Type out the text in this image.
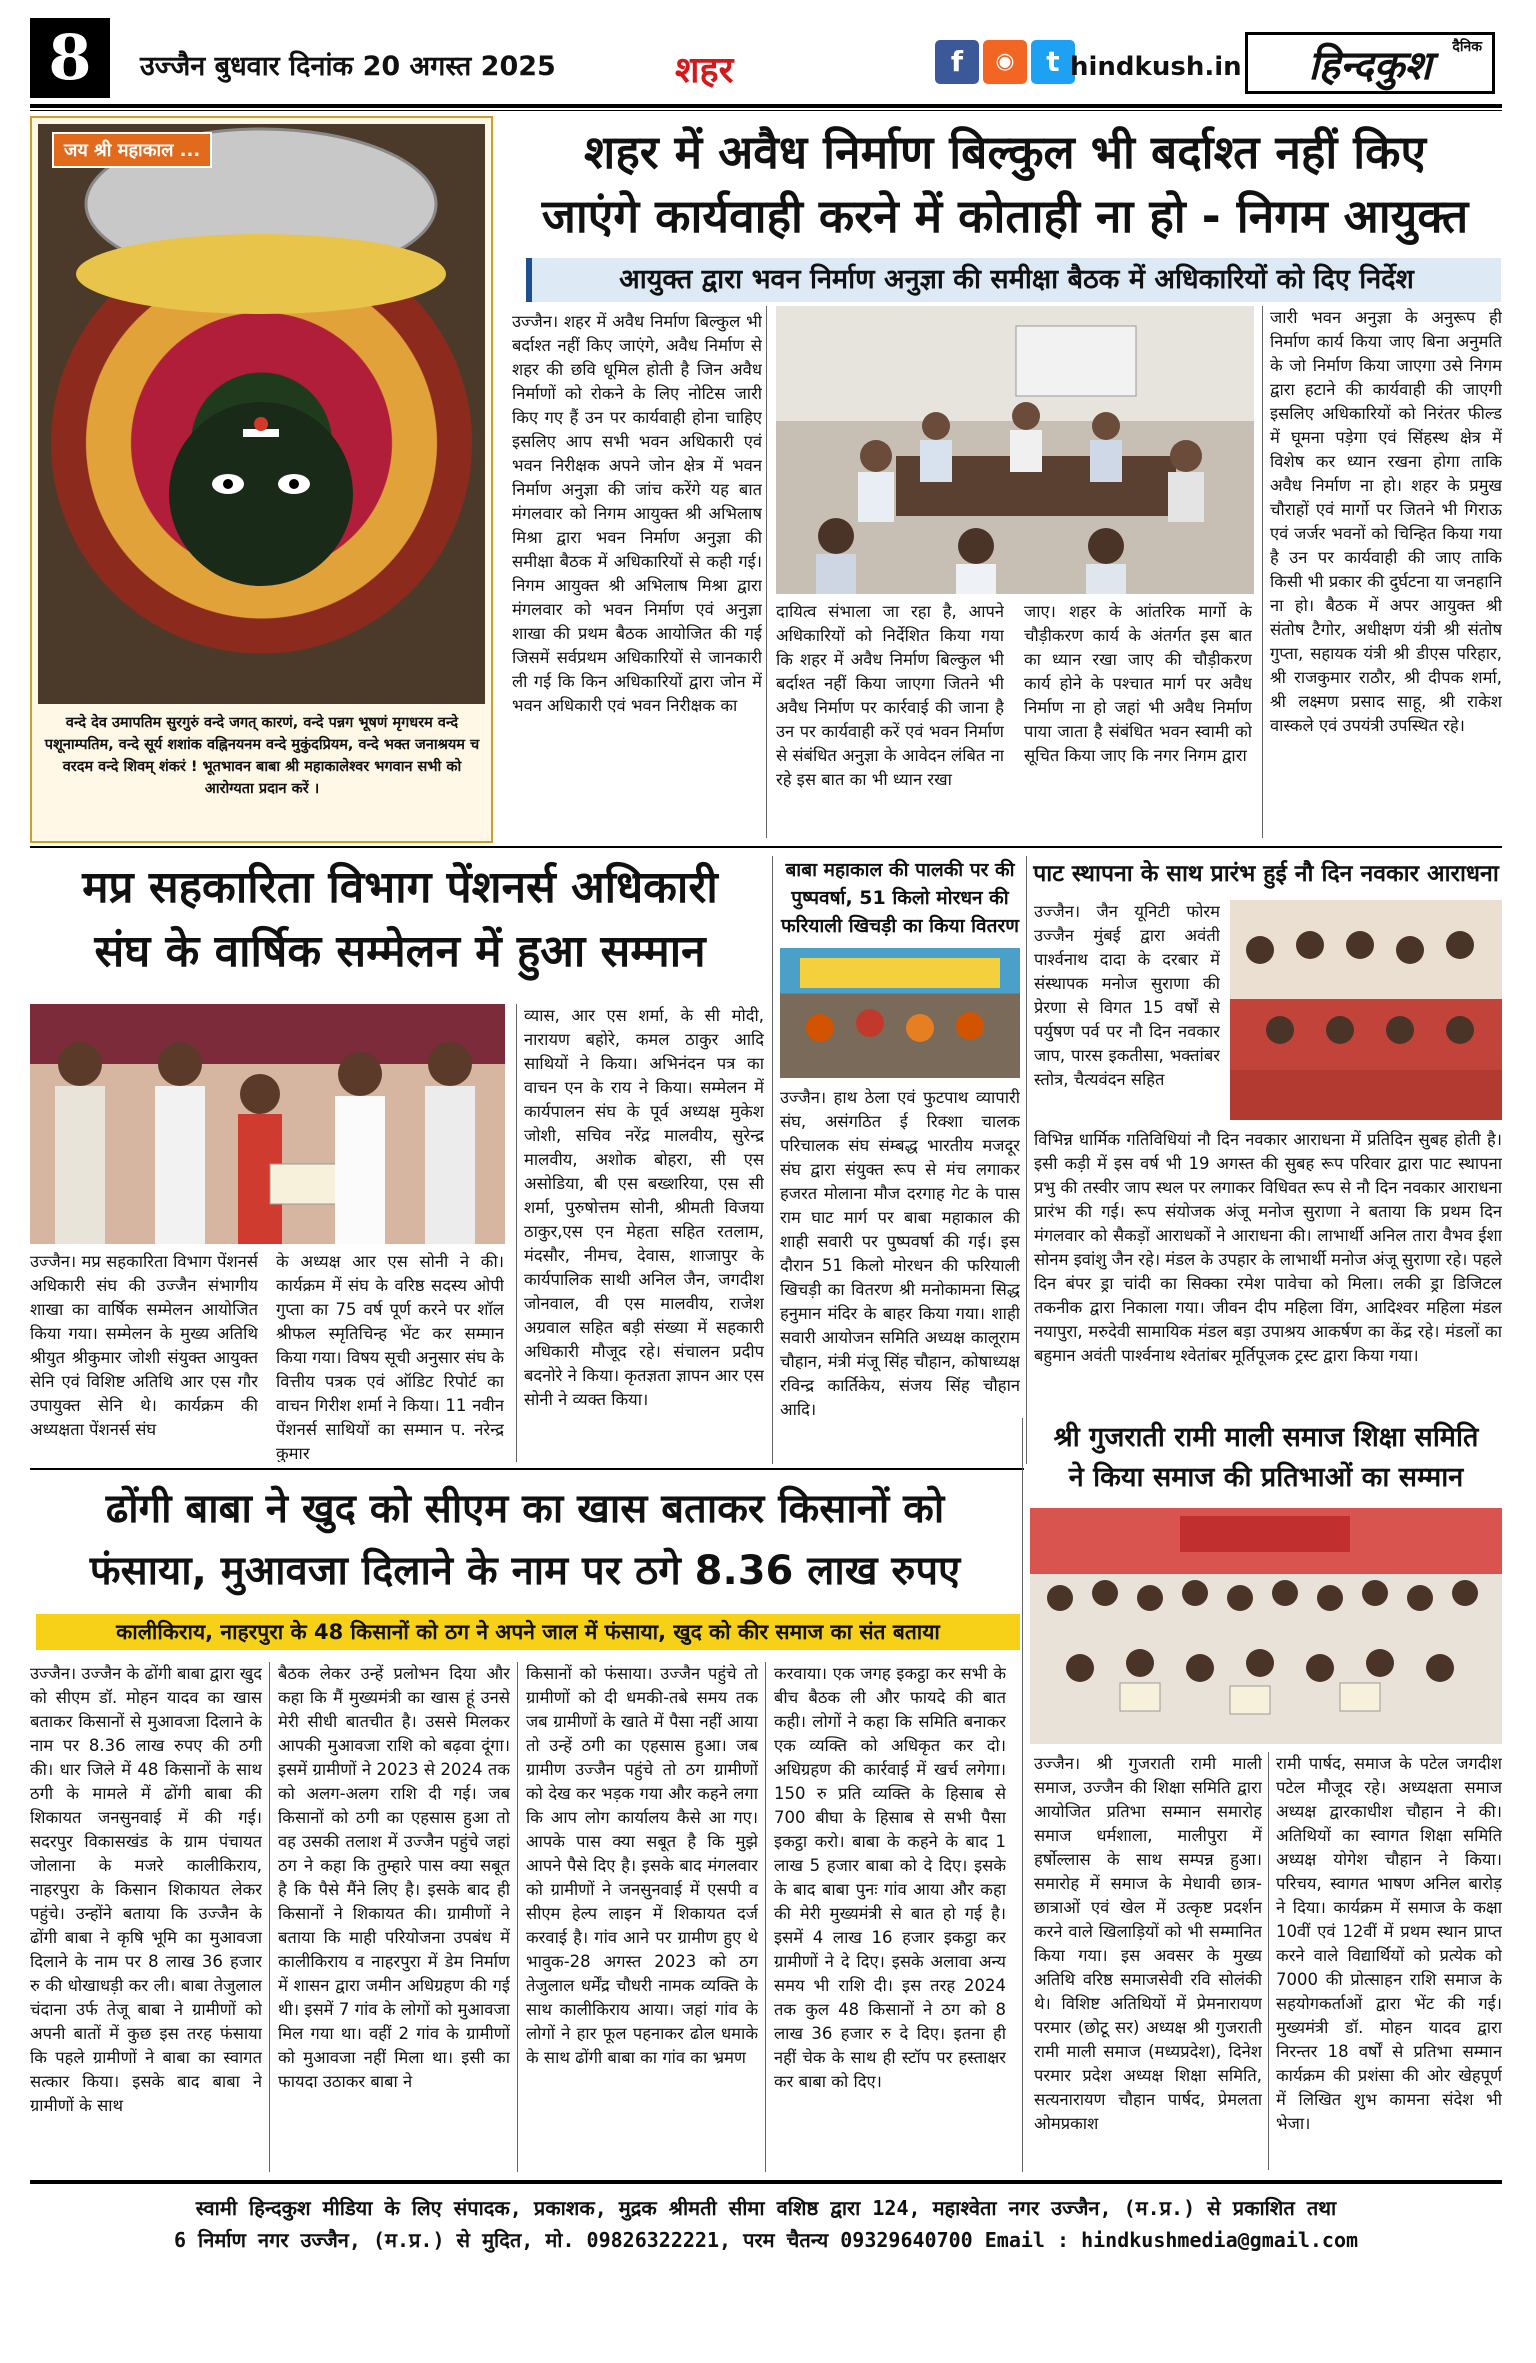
8	उज्जैन बुधवार दिनांक 20 अगस्त 2025	शहर	f	◉	t hindkush.in
दैनिक
हिन्दकुश
जय श्री महाकाल ...
वन्दे देव उमापतिम सुरगुरुं वन्दे जगत् कारणं, वन्दे पन्नग भूषणं मृगधरम वन्दे पशूनाम्पतिम, वन्दे सूर्य शशांक वह्निनयनम वन्दे मुकुंदप्रियम, वन्दे भक्त जनाश्रयम च वरदम वन्दे शिवम् शंकरं ! भूतभावन बाबा श्री महाकालेश्वर भगवान सभी को आरोग्यता प्रदान करें ।
शहर में अवैध निर्माण बिल्कुल भी बर्दाश्त नहीं किए
जाएंगे कार्यवाही करने में कोताही ना हो - निगम आयुक्त
आयुक्त द्वारा भवन निर्माण अनुज्ञा की समीक्षा बैठक में अधिकारियों को दिए निर्देश
उज्जैन। शहर में अवैध निर्माण बिल्कुल भी बर्दाश्त नहीं किए जाएंगे, अवैध निर्माण से शहर की छवि धूमिल होती है जिन अवैध निर्माणों को रोकने के लिए नोटिस जारी किए गए हैं उन पर कार्यवाही होना चाहिए इसलिए आप सभी भवन अधिकारी एवं भवन निरीक्षक अपने जोन क्षेत्र में भवन निर्माण अनुज्ञा की जांच करेंगे यह बात मंगलवार को निगम आयुक्त श्री अभिलाष मिश्रा द्वारा भवन निर्माण अनुज्ञा की समीक्षा बैठक में अधिकारियों से कही गई। निगम आयुक्त श्री अभिलाष मिश्रा द्वारा मंगलवार को भवन निर्माण एवं अनुज्ञा शाखा की प्रथम बैठक आयोजित की गई जिसमें सर्वप्रथम अधिकारियों से जानकारी ली गई कि किन अधिकारियों द्वारा जोन में भवन अधिकारी एवं भवन निरीक्षक का
दायित्व संभाला जा रहा है, आपने अधिकारियों को निर्देशित किया गया कि शहर में अवैध निर्माण बिल्कुल भी बर्दाश्त नहीं किया जाएगा जितने भी अवैध निर्माण पर कार्रवाई की जाना है उन पर कार्यवाही करें एवं भवन निर्माण से संबंधित अनुज्ञा के आवेदन लंबित ना रहे इस बात का भी ध्यान रखा
जाए। शहर के आंतरिक मार्गो के चौड़ीकरण कार्य के अंतर्गत इस बात का ध्यान रखा जाए की चौड़ीकरण कार्य होने के पश्चात मार्ग पर अवैध निर्माण ना हो जहां भी अवैध निर्माण पाया जाता है संबंधित भवन स्वामी को सूचित किया जाए कि नगर निगम द्वारा
जारी भवन अनुज्ञा के अनुरूप ही निर्माण कार्य किया जाए बिना अनुमति के जो निर्माण किया जाएगा उसे निगम द्वारा हटाने की कार्यवाही की जाएगी इसलिए अधिकारियों को निरंतर फील्ड में घूमना पड़ेगा एवं सिंहस्थ क्षेत्र में विशेष कर ध्यान रखना होगा ताकि अवैध निर्माण ना हो। शहर के प्रमुख चौराहों एवं मार्गो पर जितने भी गिराऊ एवं जर्जर भवनों को चिन्हित किया गया है उन पर कार्यवाही की जाए ताकि किसी भी प्रकार की दुर्घटना या जनहानि ना हो। बैठक में अपर आयुक्त श्री संतोष टैगोर, अधीक्षण यंत्री श्री संतोष गुप्ता, सहायक यंत्री श्री डीएस परिहार, श्री राजकुमार राठौर, श्री दीपक शर्मा, श्री लक्ष्मण प्रसाद साहू, श्री राकेश वास्कले एवं उपयंत्री उपस्थित रहे।
मप्र सहकारिता विभाग पेंशनर्स अधिकारी
संघ के वार्षिक सम्मेलन में हुआ सम्मान
उज्जैन। मप्र सहकारिता विभाग पेंशनर्स अधिकारी संघ की उज्जैन संभागीय शाखा का वार्षिक सम्मेलन आयोजित किया गया। सम्मेलन के मुख्य अतिथि श्रीयुत श्रीकुमार जोशी संयुक्त आयुक्त सेनि एवं विशिष्ट अतिथि आर एस गौर उपायुक्त सेनि थे। कार्यक्रम की अध्यक्षता पेंशनर्स संघ
के अध्यक्ष आर एस सोनी ने की। कार्यक्रम में संघ के वरिष्ठ सदस्य ओपी गुप्ता का 75 वर्ष पूर्ण करने पर शॉल श्रीफल स्मृतिचिन्ह भेंट कर सम्मान किया गया। विषय सूची अनुसार संघ के वित्तीय पत्रक एवं ऑडिट रिपोर्ट का वाचन गिरीश शर्मा ने किया। 11 नवीन पेंशनर्स साथियों का सम्मान प. नरेन्द्र कुमार
व्यास, आर एस शर्मा, के सी मोदी, नारायण बहोरे, कमल ठाकुर आदि साथियों ने किया। अभिनंदन पत्र का वाचन एन के राय ने किया। सम्मेलन में कार्यपालन संघ के पूर्व अध्यक्ष मुकेश जोशी, सचिव नरेंद्र मालवीय, सुरेन्द्र मालवीय, अशोक बोहरा, सी एस असोडिया, बी एस बख्शरिया, एस सी शर्मा, पुरुषोत्तम सोनी, श्रीमती विजया ठाकुर,एस एन मेहता सहित रतलाम, मंदसौर, नीमच, देवास, शाजापुर के कार्यपालिक साथी अनिल जैन, जगदीश जोनवाल, वी एस मालवीय, राजेश अग्रवाल सहित बड़ी संख्या में सहकारी अधिकारी मौजूद रहे। संचालन प्रदीप बदनोरे ने किया। कृतज्ञता ज्ञापन आर एस सोनी ने व्यक्त किया।
बाबा महाकाल की पालकी पर की पुष्पवर्षा, 51 किलो मोरधन की फरियाली खिचड़ी का किया वितरण
उज्जैन। हाथ ठेला एवं फुटपाथ व्यापारी संघ, असंगठित ई रिक्शा चालक परिचालक संघ संम्बद्ध भारतीय मजदूर संघ द्वारा संयुक्त रूप से मंच लगाकर हजरत मोलाना मौज दरगाह गेट के पास राम घाट मार्ग पर बाबा महाकाल की शाही सवारी पर पुष्पवर्षा की गई। इस दौरान 51 किलो मोरधन की फरियाली खिचड़ी का वितरण श्री मनोकामना सिद्ध हनुमान मंदिर के बाहर किया गया। शाही सवारी आयोजन समिति अध्यक्ष कालूराम चौहान, मंत्री मंजू सिंह चौहान, कोषाध्यक्ष रविन्द्र कार्तिकेय, संजय सिंह चौहान आदि।
पाट स्थापना के साथ प्रारंभ हुई नौ दिन नवकार आराधना
उज्जैन। जैन यूनिटी फोरम उज्जैन मुंबई द्वारा अवंती पार्श्वनाथ दादा के दरबार में संस्थापक मनोज सुराणा की प्रेरणा से विगत 15 वर्षों से पर्युषण पर्व पर नौ दिन नवकार जाप, पारस इकतीसा, भक्तांबर स्तोत्र, चैत्यवंदन सहित
विभिन्न धार्मिक गतिविधियां नौ दिन नवकार आराधना में प्रतिदिन सुबह होती है। इसी कड़ी में इस वर्ष भी 19 अगस्त की सुबह रूप परिवार द्वारा पाट स्थापना प्रभु की तस्वीर जाप स्थल पर लगाकर विधिवत रूप से नौ दिन नवकार आराधना प्रारंभ की गई। रूप संयोजक अंजू मनोज सुराणा ने बताया कि प्रथम दिन मंगलवार को सैकड़ों आराधकों ने आराधना की। लाभार्थी अनिल तारा वैभव ईशा सोनम इवांशु जैन रहे। मंडल के उपहार के लाभार्थी मनोज अंजू सुराणा रहे। पहले दिन बंपर ड्रा चांदी का सिक्का रमेश पावेचा को मिला। लकी ड्रा डिजिटल तकनीक द्वारा निकाला गया। जीवन दीप महिला विंग, आदिश्वर महिला मंडल नयापुरा, मरुदेवी सामायिक मंडल बड़ा उपाश्रय आकर्षण का केंद्र रहे। मंडलों का बहुमान अवंती पार्श्वनाथ श्वेतांबर मूर्तिपूजक ट्रस्ट द्वारा किया गया।
श्री गुजराती रामी माली समाज शिक्षा समिति
ने किया समाज की प्रतिभाओं का सम्मान
उज्जैन। श्री गुजराती रामी माली समाज, उज्जैन की शिक्षा समिति द्वारा आयोजित प्रतिभा सम्मान समारोह समाज धर्मशाला, मालीपुरा में हर्षोल्लास के साथ सम्पन्न हुआ। समारोह में समाज के मेधावी छात्र-छात्राओं एवं खेल में उत्कृष्ट प्रदर्शन करने वाले खिलाड़ियों को भी सम्मानित किया गया। इस अवसर के मुख्य अतिथि वरिष्ठ समाजसेवी रवि सोलंकी थे। विशिष्ट अतिथियों में प्रेमनारायण परमार (छोटू सर) अध्यक्ष श्री गुजराती रामी माली समाज (मध्यप्रदेश), दिनेश परमार प्रदेश अध्यक्ष शिक्षा समिति, सत्यनारायण चौहान पार्षद, प्रेमलता ओमप्रकाश
रामी पार्षद, समाज के पटेल जगदीश पटेल मौजूद रहे। अध्यक्षता समाज अध्यक्ष द्वारकाधीश चौहान ने की। अतिथियों का स्वागत शिक्षा समिति अध्यक्ष योगेश चौहान ने किया। परिचय, स्वागत भाषण अनिल बारोड़ ने दिया। कार्यक्रम में समाज के कक्षा 10वीं एवं 12वीं में प्रथम स्थान प्राप्त करने वाले विद्यार्थियों को प्रत्येक को 7000 की प्रोत्साहन राशि समाज के सहयोगकर्ताओं द्वारा भेंट की गई। मुख्यमंत्री डॉ. मोहन यादव द्वारा निरन्तर 18 वर्षों से प्रतिभा सम्मान कार्यक्रम की प्रशंसा की ओर खेहपूर्ण में लिखित शुभ कामना संदेश भी भेजा।
ढोंगी बाबा ने खुद को सीएम का खास बताकर किसानों को
फंसाया, मुआवजा दिलाने के नाम पर ठगे 8.36 लाख रुपए
कालीकिराय, नाहरपुरा के 48 किसानों को ठग ने अपने जाल में फंसाया, खुद को कीर समाज का संत बताया
उज्जैन। उज्जैन के ढोंगी बाबा द्वारा खुद को सीएम डॉ. मोहन यादव का खास बताकर किसानों से मुआवजा दिलाने के नाम पर 8.36 लाख रुपए की ठगी की। धार जिले में 48 किसानों के साथ ठगी के मामले में ढोंगी बाबा की शिकायत जनसुनवाई में की गई। सदरपुर विकासखंड के ग्राम पंचायत जोलाना के मजरे कालीकिराय, नाहरपुरा के किसान शिकायत लेकर पहुंचे। उन्होंने बताया कि उज्जैन के ढोंगी बाबा ने कृषि भूमि का मुआवजा दिलाने के नाम पर 8 लाख 36 हजार रु की धोखाधड़ी कर ली। बाबा तेजुलाल चंदाना उर्फ तेजू बाबा ने ग्रामीणों को अपनी बातों में कुछ इस तरह फंसाया कि पहले ग्रामीणों ने बाबा का स्वागत सत्कार किया। इसके बाद बाबा ने ग्रामीणों के साथ
बैठक लेकर उन्हें प्रलोभन दिया और कहा कि मैं मुख्यमंत्री का खास हूं उनसे मेरी सीधी बातचीत है। उससे मिलकर आपकी मुआवजा राशि को बढ़वा दूंगा। इसमें ग्रामीणों ने 2023 से 2024 तक को अलग-अलग राशि दी गई। जब किसानों को ठगी का एहसास हुआ तो वह उसकी तलाश में उज्जैन पहुंचे जहां ठग ने कहा कि तुम्हारे पास क्या सबूत है कि पैसे मैंने लिए है। इसके बाद ही किसानों ने शिकायत की। ग्रामीणों ने बताया कि माही परियोजना उपबंध में कालीकिराय व नाहरपुरा में डेम निर्माण में शासन द्वारा जमीन अधिग्रहण की गई थी। इसमें 7 गांव के लोगों को मुआवजा मिल गया था। वहीं 2 गांव के ग्रामीणों को मुआवजा नहीं मिला था। इसी का फायदा उठाकर बाबा ने
किसानों को फंसाया। उज्जैन पहुंचे तो ग्रामीणों को दी धमकी-तबे समय तक जब ग्रामीणों के खाते में पैसा नहीं आया तो उन्हें ठगी का एहसास हुआ। जब ग्रामीण उज्जैन पहुंचे तो ठग ग्रामीणों को देख कर भड़क गया और कहने लगा कि आप लोग कार्यालय कैसे आ गए। आपके पास क्या सबूत है कि मुझे आपने पैसे दिए है। इसके बाद मंगलवार को ग्रामीणों ने जनसुनवाई में एसपी व सीएम हेल्प लाइन में शिकायत दर्ज करवाई है। गांव आने पर ग्रामीण हुए थे भावुक-28 अगस्त 2023 को ठग तेजुलाल धर्मेंद्र चौधरी नामक व्यक्ति के साथ कालीकिराय आया। जहां गांव के लोगों ने हार फूल पहनाकर ढोल धमाके के साथ ढोंगी बाबा का गांव का भ्रमण
करवाया। एक जगह इकट्ठा कर सभी के बीच बैठक ली और फायदे की बात कही। लोगों ने कहा कि समिति बनाकर एक व्यक्ति को अधिकृत कर दो। अधिग्रहण की कार्रवाई में खर्च लगेगा। 150 रु प्रति व्यक्ति के हिसाब से 700 बीघा के हिसाब से सभी पैसा इकट्ठा करो। बाबा के कहने के बाद 1 लाख 5 हजार बाबा को दे दिए। इसके के बाद बाबा पुनः गांव आया और कहा की मेरी मुख्यमंत्री से बात हो गई है। इसमें 4 लाख 16 हजार इकट्ठा कर ग्रामीणों ने दे दिए। इसके अलावा अन्य समय भी राशि दी। इस तरह 2024 तक कुल 48 किसानों ने ठग को 8 लाख 36 हजार रु दे दिए। इतना ही नहीं चेक के साथ ही स्टॉप पर हस्ताक्षर कर बाबा को दिए।
स्वामी हिन्दकुश मीडिया के लिए संपादक, प्रकाशक, मुद्रक श्रीमती सीमा वशिष्ठ द्वारा 124, महाश्वेता नगर उज्जैन, (म.प्र.) से प्रकाशित तथा
6 निर्माण नगर उज्जैन, (म.प्र.) से मुदित, मो. 09826322221, परम चैतन्य 09329640700 Email : hindkushmedia@gmail.com
